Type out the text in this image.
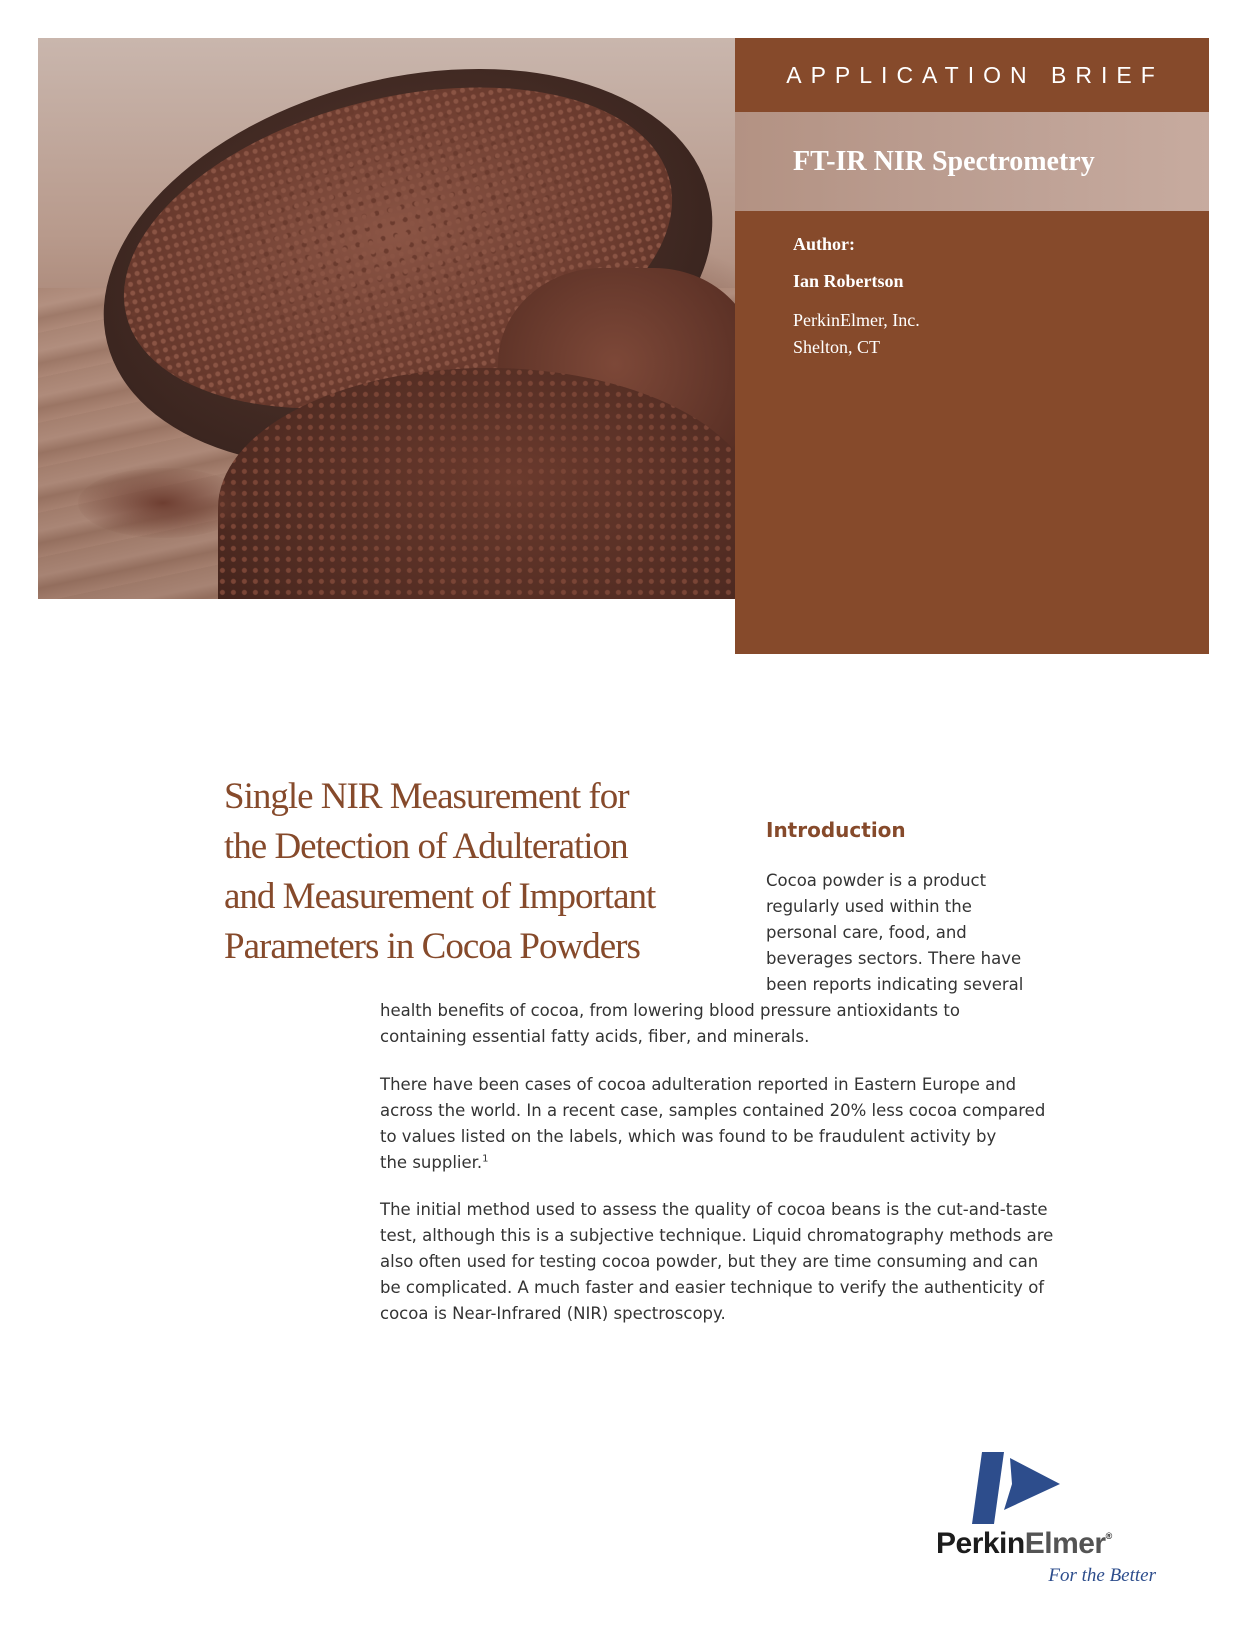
APPLICATION BRIEF
FT-IR NIR Spectrometry
Author:
Ian Robertson
PerkinElmer, Inc.
Shelton, CT
Single NIR Measurement for
the Detection of Adulteration
and Measurement of Important
Parameters in Cocoa Powders
Introduction
Cocoa powder is a product
regularly used within the
personal care, food, and
beverages sectors. There have
been reports indicating several
health benefits of cocoa, from lowering blood pressure antioxidants to
containing essential fatty acids, fiber, and minerals.
There have been cases of cocoa adulteration reported in Eastern Europe and
across the world. In a recent case, samples contained 20% less cocoa compared
to values listed on the labels, which was found to be fraudulent activity by
the supplier.$^1$
The initial method used to assess the quality of cocoa beans is the cut-and-taste
test, although this is a subjective technique. Liquid chromatography methods are
also often used for testing cocoa powder, but they are time consuming and can
be complicated. A much faster and easier technique to verify the authenticity of
cocoa is Near-Infrared (NIR) spectroscopy.
PerkinElmer®
For the Better
